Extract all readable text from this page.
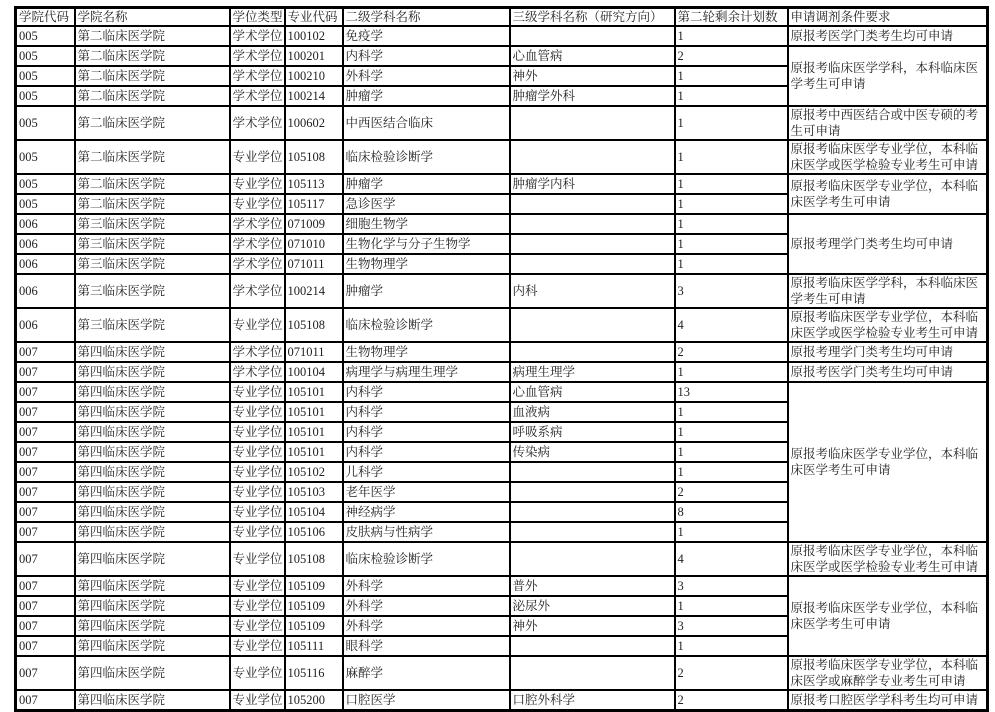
学院代码	学院名称	学位类型	专业代码	二级学科名称	三级学科名称（研究方向）	第二轮剩余计划数	申请调剂条件要求
005	第二临床医学院	学术学位	100102	免疫学		1	原报考医学门类考生均可申请
005	第二临床医学院	学术学位	100201	内科学	心血管病	2	原报考临床医学学科，本科临床医学考生可申请
005	第二临床医学院	学术学位	100210	外科学	神外	1	
005	第二临床医学院	学术学位	100214	肿瘤学	肿瘤学外科	1	
005	第二临床医学院	学术学位	100602	中西医结合临床		1	原报考中西医结合或中医专硕的考生可申请
005	第二临床医学院	专业学位	105108	临床检验诊断学		1	原报考临床医学专业学位，本科临床医学或医学检验专业考生可申请
005	第二临床医学院	专业学位	105113	肿瘤学	肿瘤学内科	1	原报考临床医学专业学位，本科临床医学考生可申请
005	第二临床医学院	专业学位	105117	急诊医学		1	
006	第三临床医学院	学术学位	071009	细胞生物学		1	原报考理学门类考生均可申请
006	第三临床医学院	学术学位	071010	生物化学与分子生物学		1	
006	第三临床医学院	学术学位	071011	生物物理学		1	
006	第三临床医学院	学术学位	100214	肿瘤学	内科	3	原报考临床医学学科，本科临床医学考生可申请
006	第三临床医学院	专业学位	105108	临床检验诊断学		4	原报考临床医学专业学位，本科临床医学或医学检验专业考生可申请
007	第四临床医学院	学术学位	071011	生物物理学		2	原报考理学门类考生均可申请
007	第四临床医学院	学术学位	100104	病理学与病理生理学	病理生理学	1	原报考医学门类考生均可申请
007	第四临床医学院	专业学位	105101	内科学	心血管病	13	原报考临床医学专业学位，本科临床医学考生可申请
007	第四临床医学院	专业学位	105101	内科学	血液病	1	
007	第四临床医学院	专业学位	105101	内科学	呼吸系病	1	
007	第四临床医学院	专业学位	105101	内科学	传染病	1	
007	第四临床医学院	专业学位	105102	儿科学		1	
007	第四临床医学院	专业学位	105103	老年医学		2	
007	第四临床医学院	专业学位	105104	神经病学		8	
007	第四临床医学院	专业学位	105106	皮肤病与性病学		1	
007	第四临床医学院	专业学位	105108	临床检验诊断学		4	原报考临床医学专业学位，本科临床医学或医学检验专业考生可申请
007	第四临床医学院	专业学位	105109	外科学	普外	3	原报考临床医学专业学位，本科临床医学考生可申请
007	第四临床医学院	专业学位	105109	外科学	泌尿外	1	
007	第四临床医学院	专业学位	105109	外科学	神外	3	
007	第四临床医学院	专业学位	105111	眼科学		1	
007	第四临床医学院	专业学位	105116	麻醉学		2	原报考临床医学专业学位，本科临床医学或麻醉学专业考生可申请
007	第四临床医学院	专业学位	105200	口腔医学	口腔外科学	2	原报考口腔医学学科考生均可申请
